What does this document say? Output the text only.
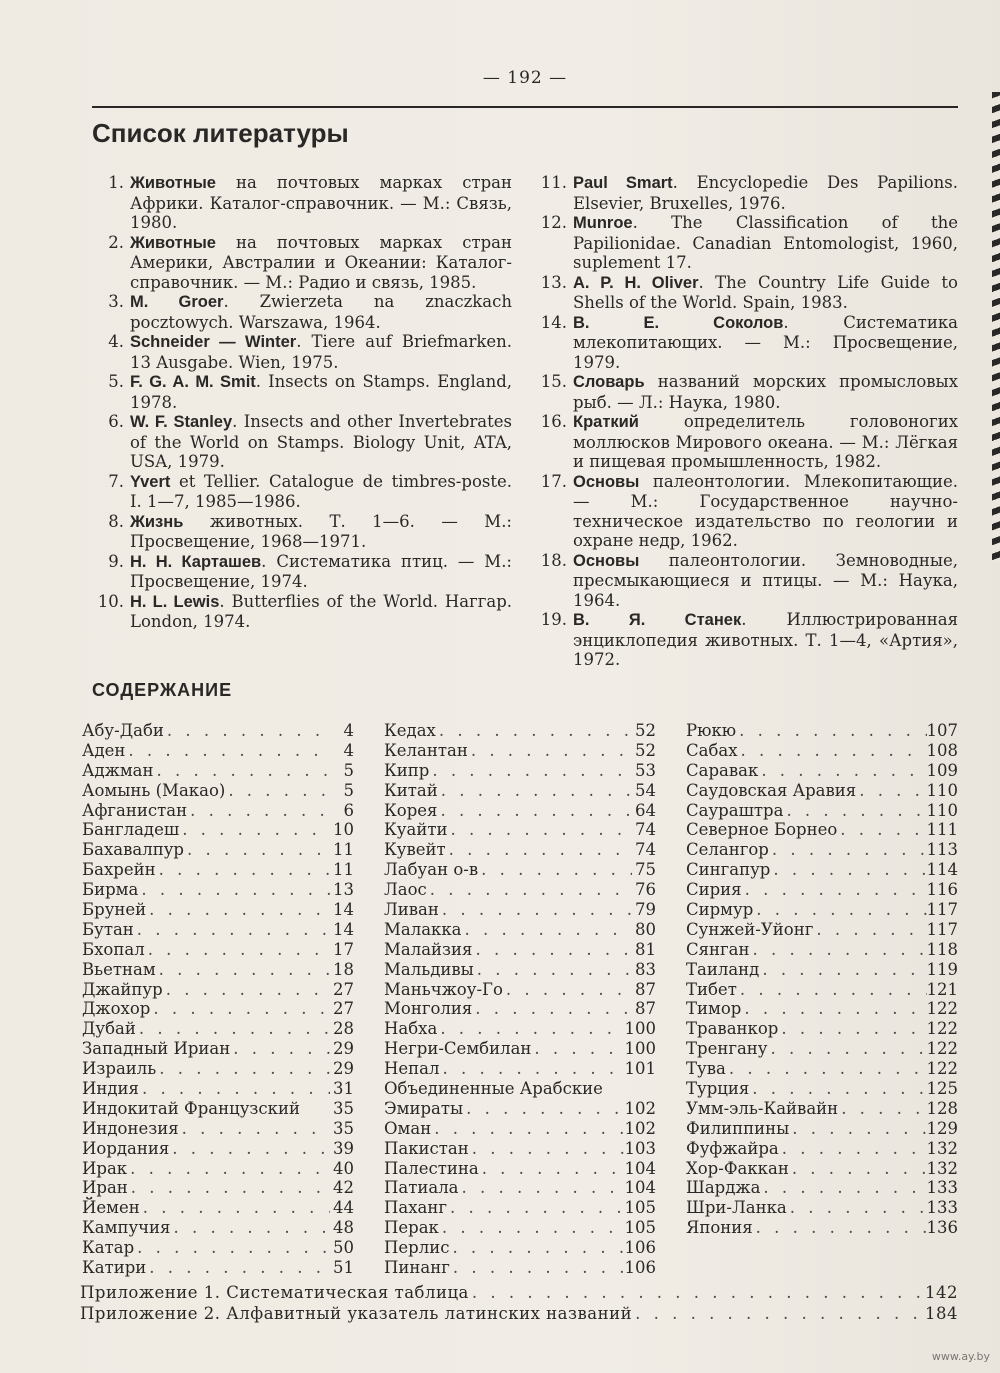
— 192 —
Список литературы
1. Животные на почтовых марках стран Африки. Каталог-справочник. — М.: Связь, 1980.
2. Животные на почтовых марках стран Америки, Австралии и Океании: Каталог-справочник. — М.: Радио и связь, 1985.
3. M. Groer. Zwierzeta na znaczkach pocztowych. Warszawa, 1964.
4. Schneider — Winter. Tiere auf Briefmarken. 13 Ausgabe. Wien, 1975.
5. F. G. A. M. Smit. Insects on Stamps. England, 1978.
6. W. F. Stanley. Insects and other Invertebrates of the World on Stamps. Biology Unit, ATA, USA, 1979.
7. Yvert et Tellier. Catalogue de timbres-poste. I. 1—7, 1985—1986.
8. Жизнь животных. Т. 1—6. — М.: Просвещение, 1968—1971.
9. Н. Н. Карташев. Систематика птиц. — М.: Просвещение, 1974.
10. H. L. Lewis. Butterflies of the World. Наггар. London, 1974.
11. Paul Smart. Encyclopedie Des Papilions. Elsevier, Bruxelles, 1976.
12. Munroe. The Classification of the Papilionidae. Canadian Entomologist, 1960, suplement 17.
13. A. P. H. Oliver. The Country Life Guide to Shells of the World. Spain, 1983.
14. В. Е. Соколов. Систематика млекопитающих. — М.: Просвещение, 1979.
15. Словарь названий морских промысловых рыб. — Л.: Наука, 1980.
16. Краткий определитель головоногих моллюсков Мирового океана. — М.: Лёгкая и пищевая промышленность, 1982.
17. Основы палеонтологии. Млекопитающие. — М.: Государственное научно-техническое издательство по геологии и охране недр, 1962.
18. Основы палеонтологии. Земноводные, пресмыкающиеся и птицы. — М.: Наука, 1964.
19. В. Я. Станек. Иллюстрированная энциклопедия животных. Т. 1—4, «Артия», 1972.
СОДЕРЖАНИЕ
Абу-Даби . . .	4
Аден . . .	4
Аджман . . .	5
Аомынь (Макао) . . .	5
Афганистан . . .	6
Бангладеш . . .	10
Бахавалпур . . .	11
Бахрейн . . .	11
Бирма . . .	13
Бруней . . .	14
Бутан . . .	14
Бхопал . . .	17
Вьетнам . . .	18
Джайпур . . .	27
Джохор . . .	27
Дубай . . .	28
Западный Ириан . . .	29
Израиль . . .	29
Индия . . .	31
Индокитай Французский 35
Индонезия . . .	35
Иордания . . .	39
Ирак . . .	40
Иран . . .	42
Йемен . . .	44
Кампучия . . .	48
Катар . . .	50
Катири . . .	51
Кедах . . .	52
Келантан . . .	52
Кипр . . .	53
Китай . . .	54
Корея . . .	64
Куайти . . .	74
Кувейт . . .	74
Лабуан о-в . . .	75
Лаос . . .	76
Ливан . . .	79
Малакка . . .	80
Малайзия . . .	81
Мальдивы . . .	83
Маньчжоу-Го . . .	87
Монголия . . .	87
Набха . . .	100
Негри-Сембилан . . .	100
Непал . . .	101
Объединенные Арабские
Эмираты . . .	102
Оман . . .	102
Пакистан . . .	103
Палестина . . .	104
Патиала . . .	104
Паханг . . .	105
Перак . . .	105
Перлис . . .	106
Пинанг . . .	106
Рюкю . . .	107
Сабах . . .	108
Саравак . . .	109
Саудовская Аравия . . .	110
Саураштра . . .	110
Северное Борнео . . .	111
Селангор . . .	113
Сингапур . . .	114
Сирия . . .	116
Сирмур . . .	117
Сунжей-Уйонг . . .	117
Сянган . . .	118
Таиланд . . .	119
Тибет . . .	121
Тимор . . .	122
Траванкор . . .	122
Тренгану . . .	122
Тува . . .	122
Турция . . .	125
Умм-эль-Кайвайн . . .	128
Филиппины . . .	129
Фуфжайра . . .	132
Хор-Факкан . . .	132
Шарджа . . .	133
Шри-Ланка . . .	133
Япония . . .	136
Приложение 1. Систематическая таблица . . .	142
Приложение 2. Алфавитный указатель латинских названий . . .	184
www.ay.by
